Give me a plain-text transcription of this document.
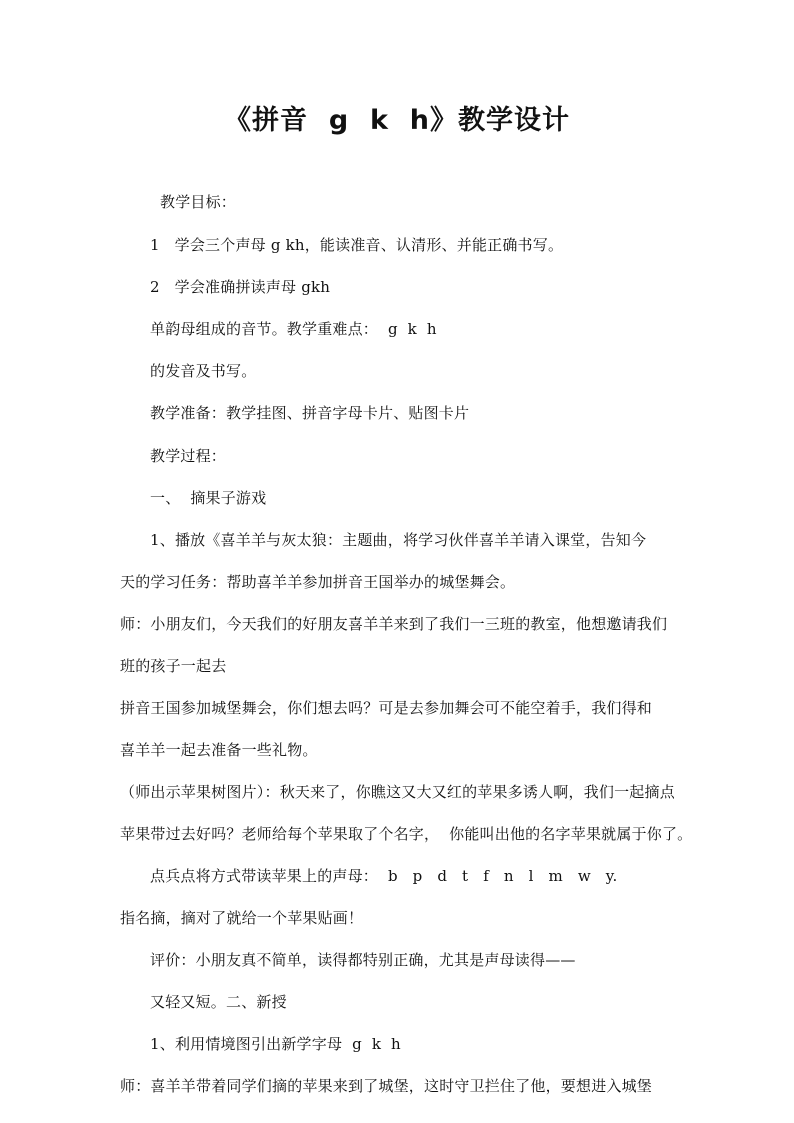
《拼音  g  k  h》教学设计
教学目标：
1   学会三个声母 g kh，能读准音、认清形、并能正确书写。
2   学会准确拼读声母 gkh
单韵母组成的音节。教学重难点：  g  k  h
的发音及书写。
教学准备：教学挂图、拼音字母卡片、贴图卡片
教学过程：
一、  摘果子游戏
1、播放《喜羊羊与灰太狼：主题曲，将学习伙伴喜羊羊请入课堂，告知今
天的学习任务：帮助喜羊羊参加拼音王国举办的城堡舞会。
师：小朋友们，今天我们的好朋友喜羊羊来到了我们一三班的教室，他想邀请我们
班的孩子一起去
拼音王国参加城堡舞会，你们想去吗？可是去参加舞会可不能空着手，我们得和
喜羊羊一起去准备一些礼物。
（师出示苹果树图片）：秋天来了，你瞧这又大又红的苹果多诱人啊，我们一起摘点
苹果带过去好吗？老师给每个苹果取了个名字，  你能叫出他的名字苹果就属于你了。
点兵点将方式带读苹果上的声母：  b   p   d   t   f   n   l   m   w   y.
指名摘，摘对了就给一个苹果贴画！
评价：小朋友真不简单，读得都特别正确，尤其是声母读得——
又轻又短。二、新授
1、利用情境图引出新学字母  g  k  h
师：喜羊羊带着同学们摘的苹果来到了城堡，这时守卫拦住了他，要想进入城堡
